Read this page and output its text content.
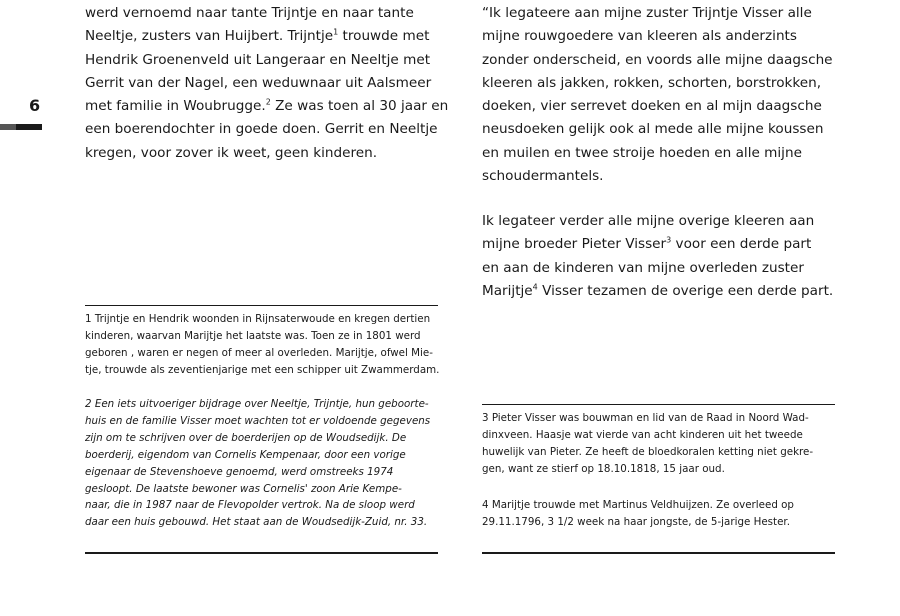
6
werd vernoemd naar tante Trijntje en naar tante
Neeltje, zusters van Huijbert. Trijntje$^1$ trouwde met
Hendrik Groenenveld uit Langeraar en Neeltje met
Gerrit van der Nagel, een weduwnaar uit Aalsmeer
met familie in Woubrugge.$^2$ Ze was toen al 30 jaar en
een boerendochter in goede doen. Gerrit en Neeltje
kregen, voor zover ik weet, geen kinderen.
“Ik legateere aan mijne zuster Trijntje Visser alle
mijne rouwgoedere van kleeren als anderzints
zonder onderscheid, en voords alle mijne daagsche
kleeren als jakken, rokken, schorten, borstrokken,
doeken, vier serrevet doeken en al mijn daagsche
neusdoeken gelijk ook al mede alle mijne koussen
en muilen en twee stroije hoeden en alle mijne
schoudermantels.
Ik legateer verder alle mijne overige kleeren aan
mijne broeder Pieter Visser$^3$ voor een derde part
en aan de kinderen van mijne overleden zuster
Marijtje$^4$ Visser tezamen de overige een derde part.
1 Trijntje en Hendrik woonden in Rijnsaterwoude en kregen dertien
kinderen, waarvan Marijtje het laatste was. Toen ze in 1801 werd
geboren , waren er negen of meer al overleden. Marijtje, ofwel Mie-
tje, trouwde als zeventienjarige met een schipper uit Zwammerdam.
2 Een iets uitvoeriger bijdrage over Neeltje, Trijntje, hun geboorte-
huis en de familie Visser moet wachten tot er voldoende gegevens
zijn om te schrijven over de boerderijen op de Woudsedijk. De
boerderij, eigendom van Cornelis Kempenaar, door een vorige
eigenaar de Stevenshoeve genoemd, werd omstreeks 1974
gesloopt. De laatste bewoner was Cornelis' zoon Arie Kempe-
naar, die in 1987 naar de Flevopolder vertrok. Na de sloop werd
daar een huis gebouwd. Het staat aan de Woudsedijk-Zuid, nr. 33.
3 Pieter Visser was bouwman en lid van de Raad in Noord Wad-
dinxveen. Haasje wat vierde van acht kinderen uit het tweede
huwelijk van Pieter. Ze heeft de bloedkoralen ketting niet gekre-
gen, want ze stierf op 18.10.1818, 15 jaar oud.
4 Marijtje trouwde met Martinus Veldhuijzen. Ze overleed op
29.11.1796, 3 1/2 week na haar jongste, de 5-jarige Hester.
